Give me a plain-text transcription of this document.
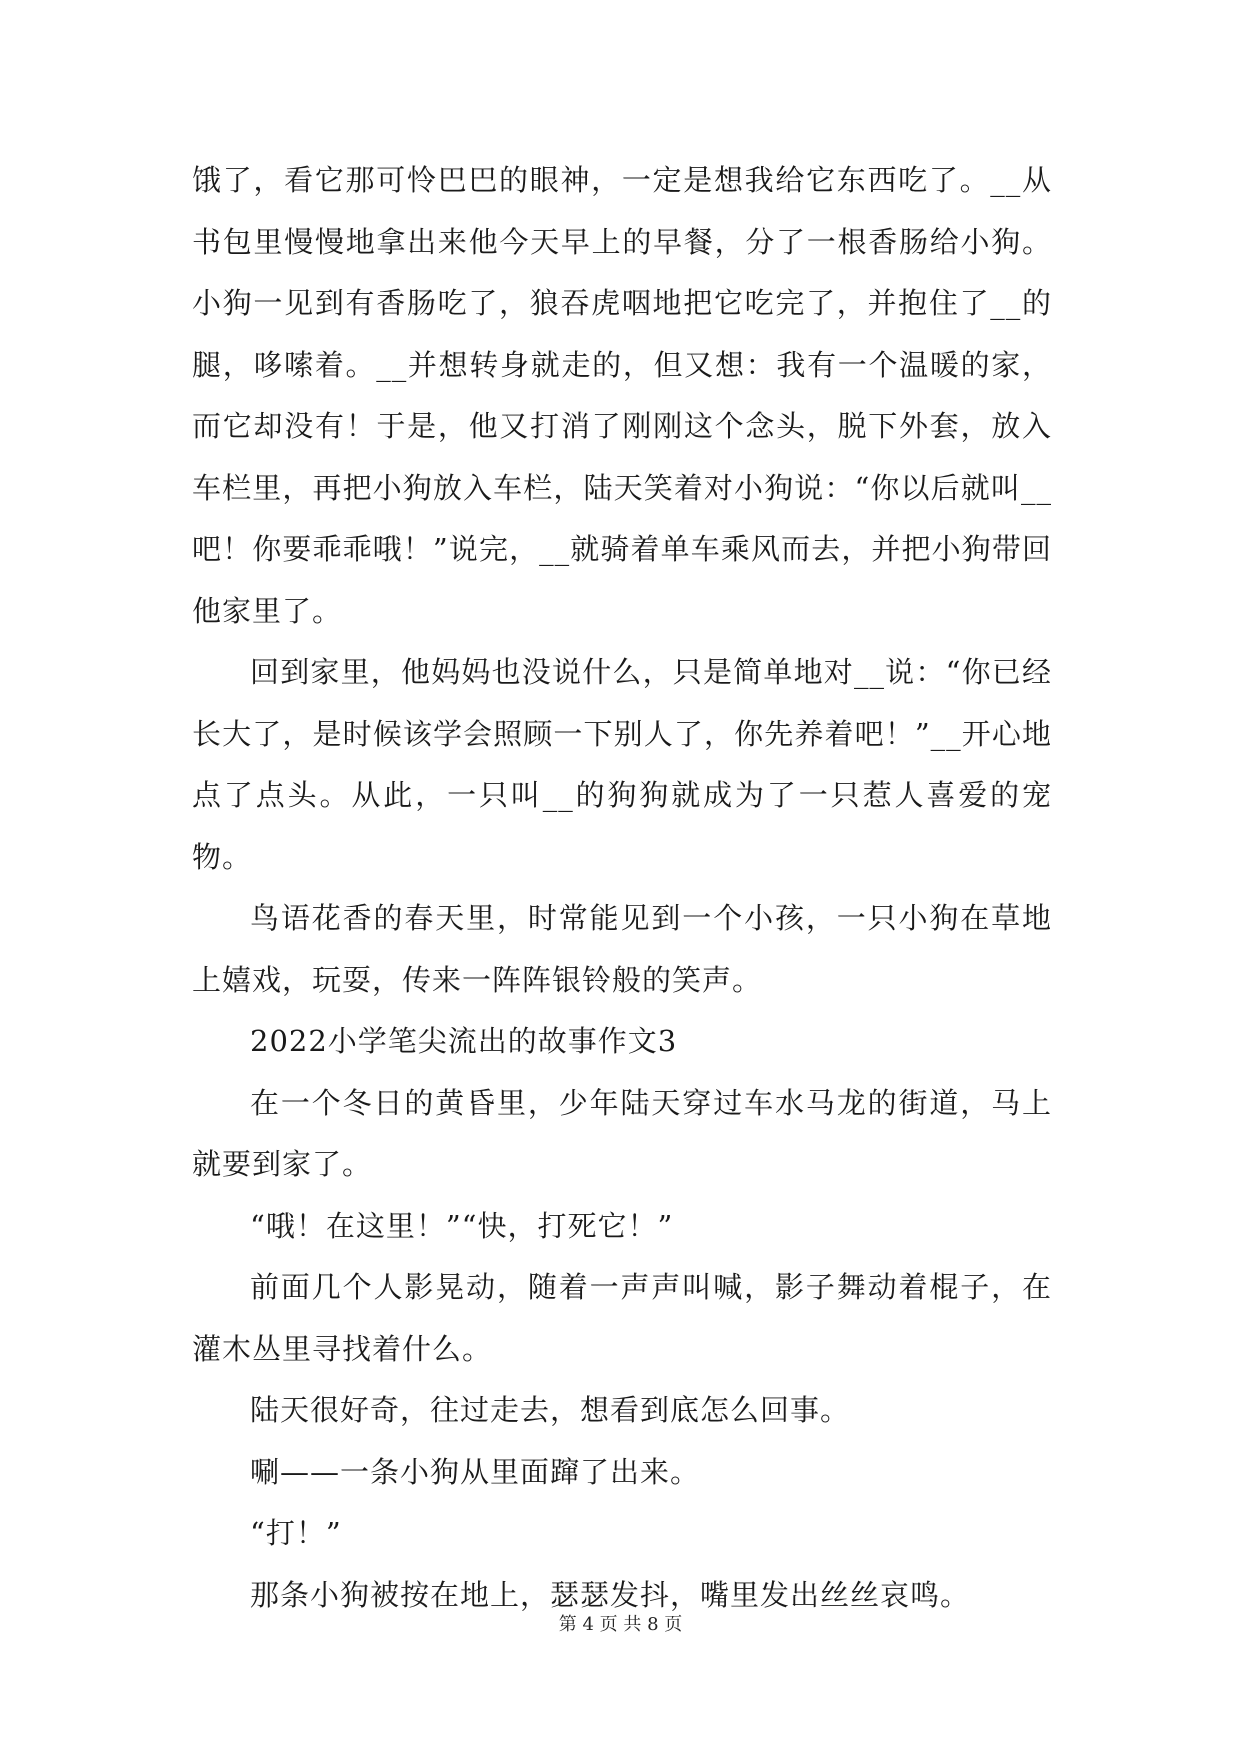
饿了，看它那可怜巴巴的眼神，一定是想我给它东西吃了。__从书包里慢慢地拿出来他今天早上的早餐，分了一根香肠给小狗。小狗一见到有香肠吃了，狼吞虎咽地把它吃完了，并抱住了__的腿，哆嗦着。__并想转身就走的，但又想：我有一个温暖的家，而它却没有！于是，他又打消了刚刚这个念头，脱下外套，放入车栏里，再把小狗放入车栏，陆天笑着对小狗说：“你以后就叫__吧！你要乖乖哦！”说完，__就骑着单车乘风而去，并把小狗带回他家里了。

回到家里，他妈妈也没说什么，只是简单地对__说：“你已经长大了，是时候该学会照顾一下别人了，你先养着吧！”__开心地点了点头。从此，一只叫__的狗狗就成为了一只惹人喜爱的宠物。

鸟语花香的春天里，时常能见到一个小孩，一只小狗在草地上嬉戏，玩耍，传来一阵阵银铃般的笑声。

2022小学笔尖流出的故事作文3

在一个冬日的黄昏里，少年陆天穿过车水马龙的街道，马上就要到家了。

“哦！在这里！”“快，打死它！”

前面几个人影晃动，随着一声声叫喊，影子舞动着棍子，在灌木丛里寻找着什么。

陆天很好奇，往过走去，想看到底怎么回事。

唰——一条小狗从里面蹿了出来。

“打！”

那条小狗被按在地上，瑟瑟发抖，嘴里发出丝丝哀鸣。

第 4 页 共 8 页
